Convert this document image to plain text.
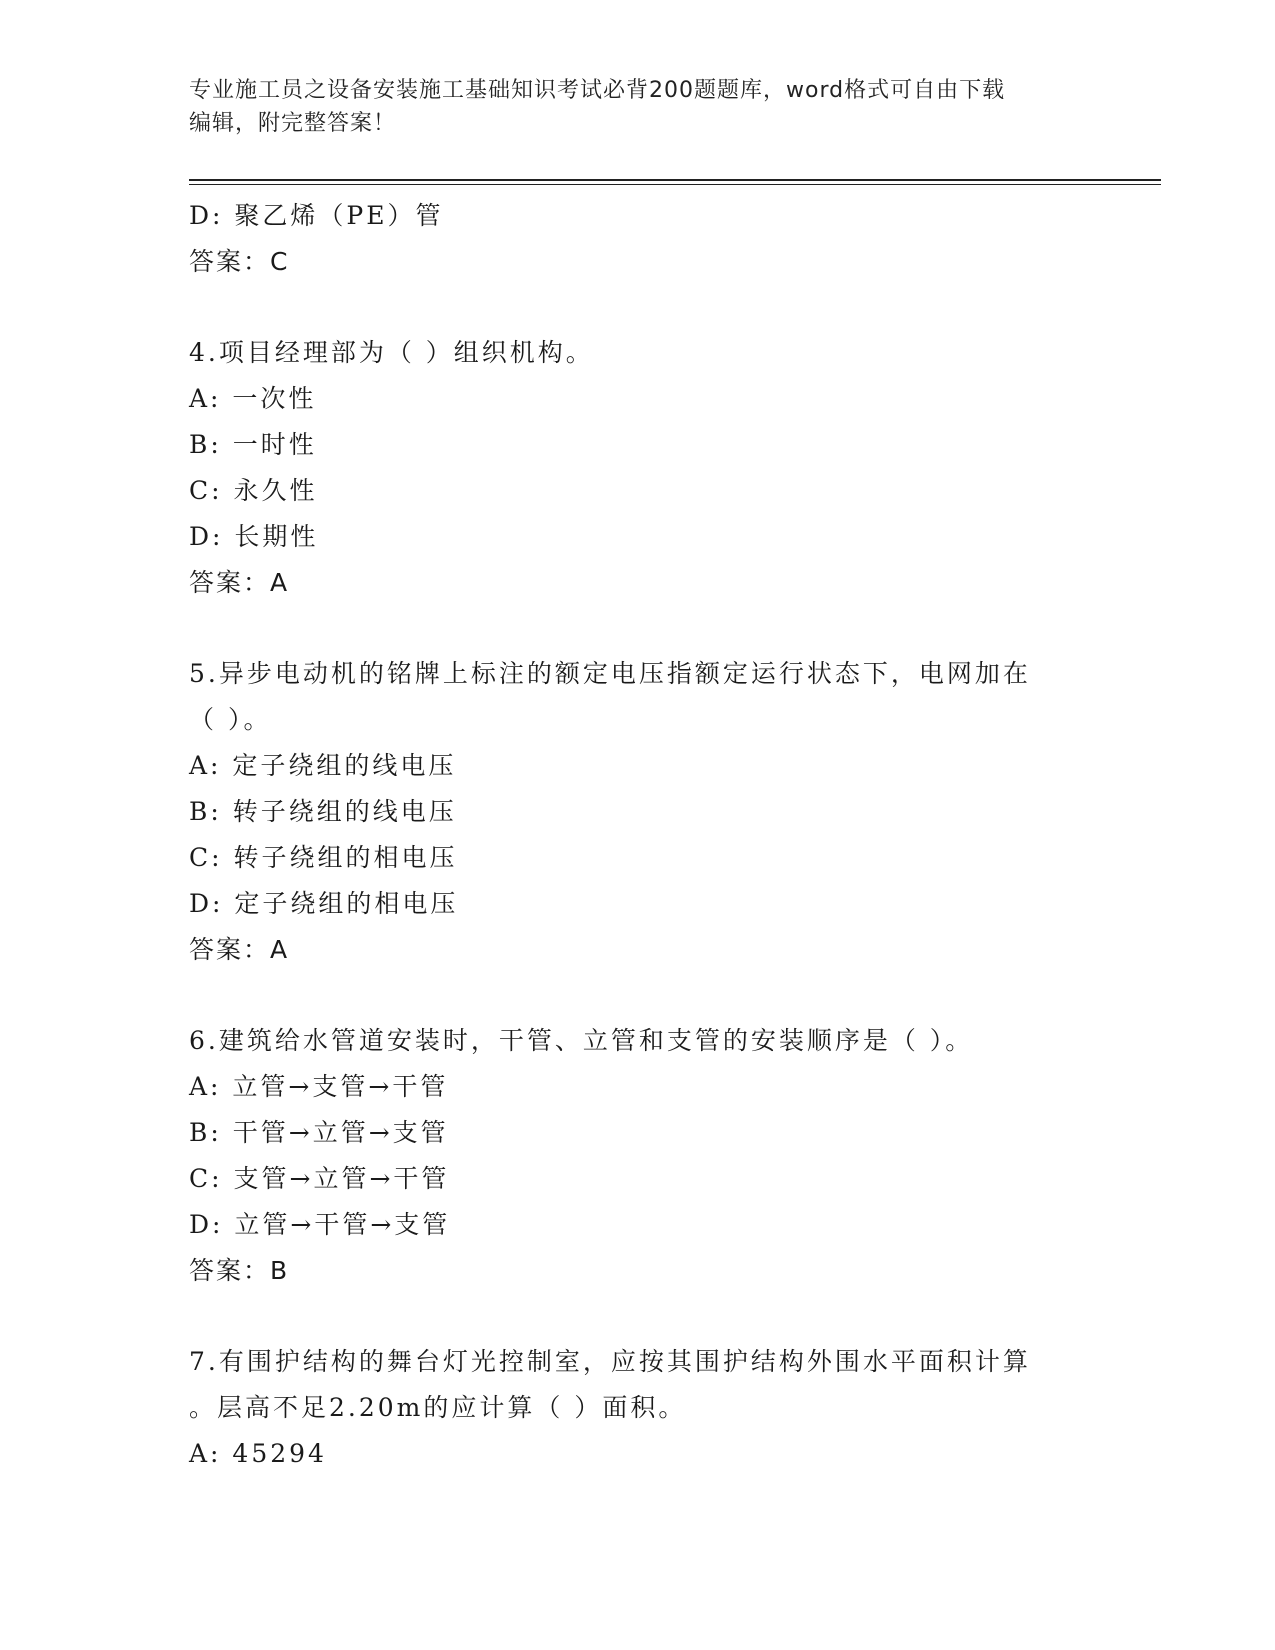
专业施工员之设备安装施工基础知识考试必背200题题库，word格式可自由下载
编辑，附完整答案！
D: 聚乙烯（PE）管
答案：C
4.项目经理部为（ ）组织机构。
A: 一次性
B: 一时性
C: 永久性
D: 长期性
答案：A
5.异步电动机的铭牌上标注的额定电压指额定运行状态下，电网加在
（ ）。
A: 定子绕组的线电压
B: 转子绕组的线电压
C: 转子绕组的相电压
D: 定子绕组的相电压
答案：A
6.建筑给水管道安装时，干管、立管和支管的安装顺序是（ ）。
A: 立管→支管→干管
B: 干管→立管→支管
C: 支管→立管→干管
D: 立管→干管→支管
答案：B
7.有围护结构的舞台灯光控制室，应按其围护结构外围水平面积计算
。层高不足2.20m的应计算（ ）面积。
A: 45294
